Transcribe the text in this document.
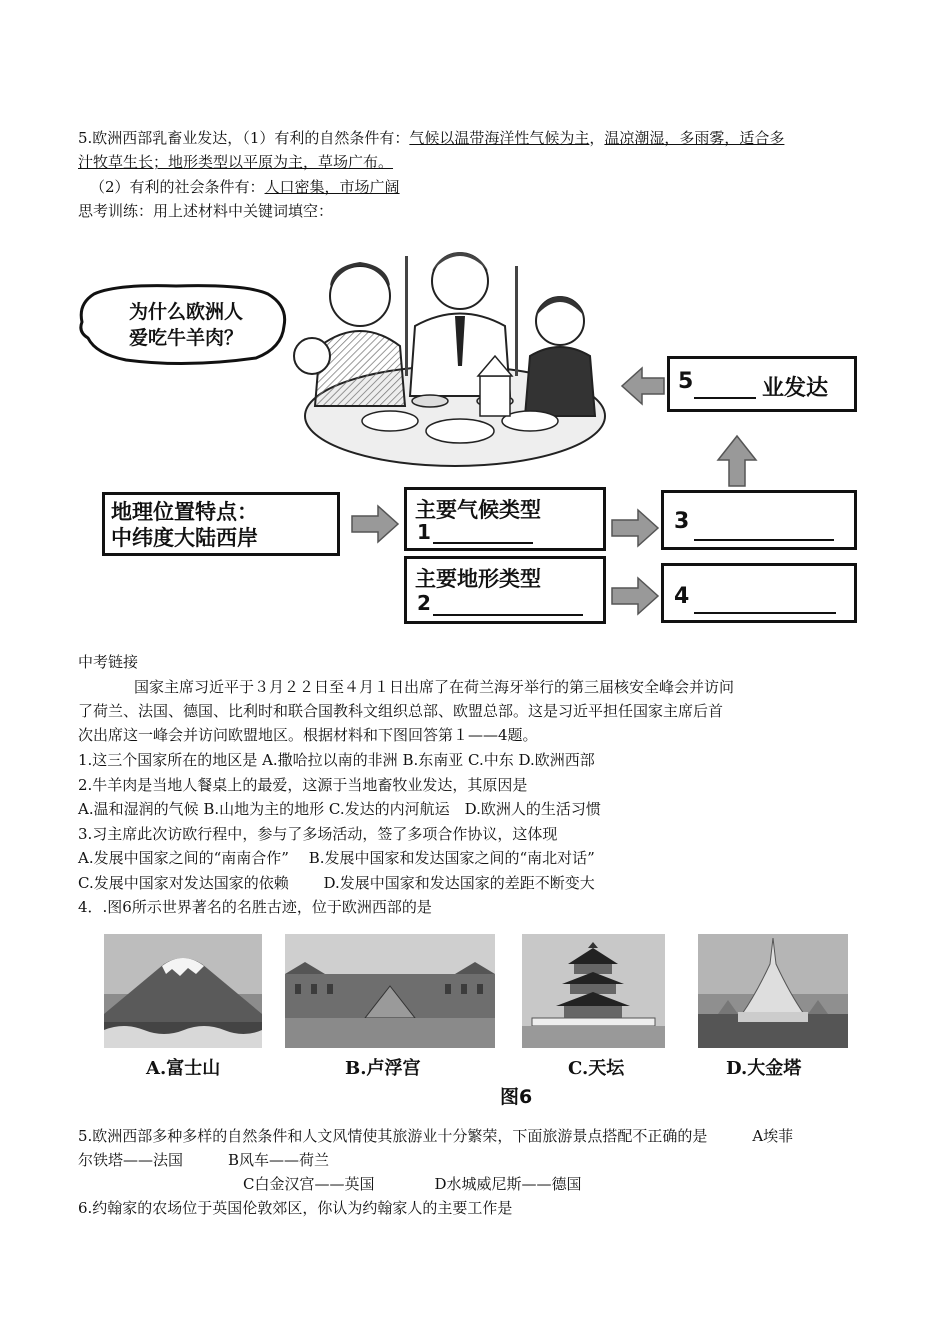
5.欧洲西部乳畜业发达，（1）有利的自然条件有：气候以温带海洋性气候为主，温凉潮湿，多雨雾，适合多
汁牧草生长；地形类型以平原为主，草场广布。
（2）有利的社会条件有：人口密集，市场广阔
思考训练：用上述材料中关键词填空：
为什么欧洲人
爱吃牛羊肉？
5	业发达
地理位置特点：
中纬度大陆西岸
主要气候类型
1	3
主要地形类型
2	4
中考链接
国家主席习近平于３月２２日至４月１日出席了在荷兰海牙举行的第三届核安全峰会并访问
了荷兰、法国、德国、比利时和联合国教科文组织总部、欧盟总部。这是习近平担任国家主席后首
次出席这一峰会并访问欧盟地区。根据材料和下图回答第１——4题。
1.这三个国家所在的地区是 A.撒哈拉以南的非洲 B.东南亚 C.中东 D.欧洲西部
2.牛羊肉是当地人餐桌上的最爱，这源于当地畜牧业发达，其原因是
A.温和湿润的气候 B.山地为主的地形 C.发达的内河航运　D.欧洲人的生活习惯
3.习主席此次访欧行程中，参与了多场活动，签了多项合作协议，这体现
A.发展中国家之间的“南南合作”　 B.发展中国家和发达国家之间的“南北对话”
C.发展中国家对发达国家的依赖　　 D.发展中国家和发达国家的差距不断变大
4．.图6所示世界著名的名胜古迹，位于欧洲西部的是
A.富士山	B.卢浮宫	C.天坛	D.大金塔
图6
5.欧洲西部多种多样的自然条件和人文风情使其旅游业十分繁荣，下面旅游景点搭配不正确的是　　　A埃菲
尔铁塔——法国　　　B风车——荷兰
C白金汉宫——英国　　　　D水城威尼斯——德国
6.约翰家的农场位于英国伦敦郊区，你认为约翰家人的主要工作是
